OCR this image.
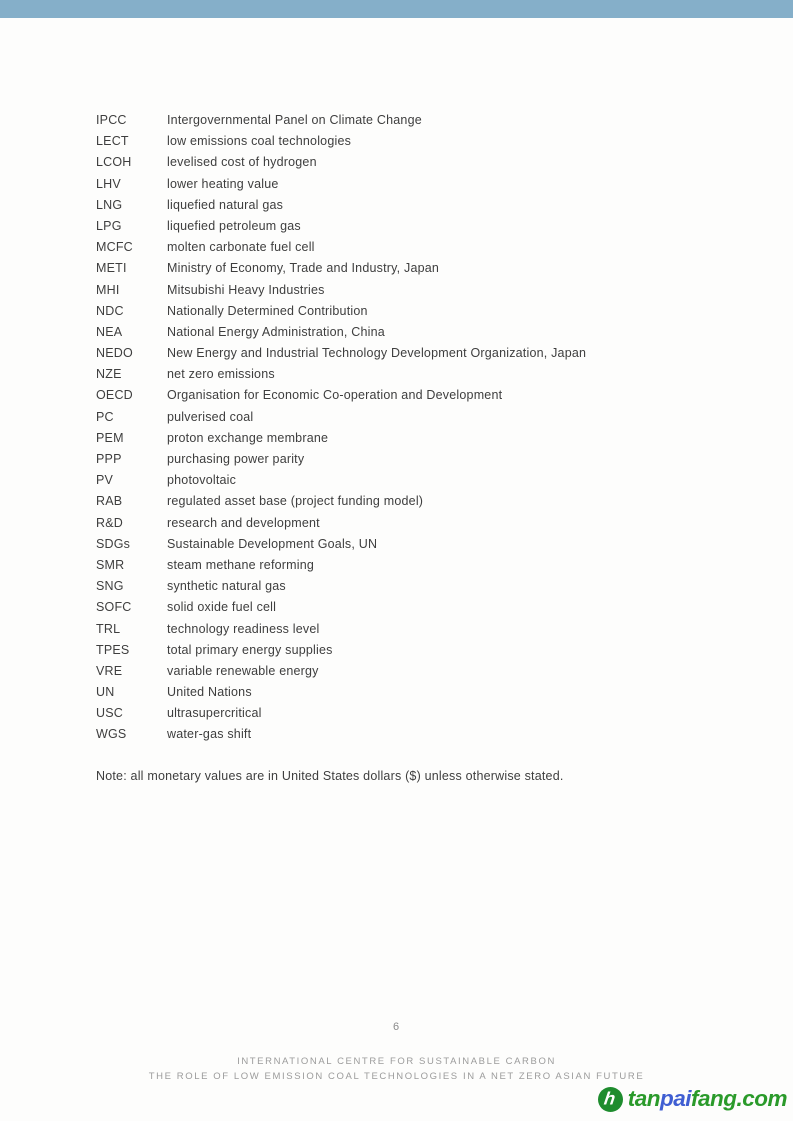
IPCC	Intergovernmental Panel on Climate Change
LECT	low emissions coal technologies
LCOH	levelised cost of hydrogen
LHV	lower heating value
LNG	liquefied natural gas
LPG	liquefied petroleum gas
MCFC	molten carbonate fuel cell
METI	Ministry of Economy, Trade and Industry, Japan
MHI	Mitsubishi Heavy Industries
NDC	Nationally Determined Contribution
NEA	National Energy Administration, China
NEDO	New Energy and Industrial Technology Development Organization, Japan
NZE	net zero emissions
OECD	Organisation for Economic Co-operation and Development
PC	pulverised coal
PEM	proton exchange membrane
PPP	purchasing power parity
PV	photovoltaic
RAB	regulated asset base (project funding model)
R&D	research and development
SDGs	Sustainable Development Goals, UN
SMR	steam methane reforming
SNG	synthetic natural gas
SOFC	solid oxide fuel cell
TRL	technology readiness level
TPES	total primary energy supplies
VRE	variable renewable energy
UN	United Nations
USC	ultrasupercritical
WGS	water-gas shift
Note: all monetary values are in United States dollars ($) unless otherwise stated.
6
INTERNATIONAL CENTRE FOR SUSTAINABLE CARBON
THE ROLE OF LOW EMISSION COAL TECHNOLOGIES IN A NET ZERO ASIAN FUTURE
h tanpaifang.com
